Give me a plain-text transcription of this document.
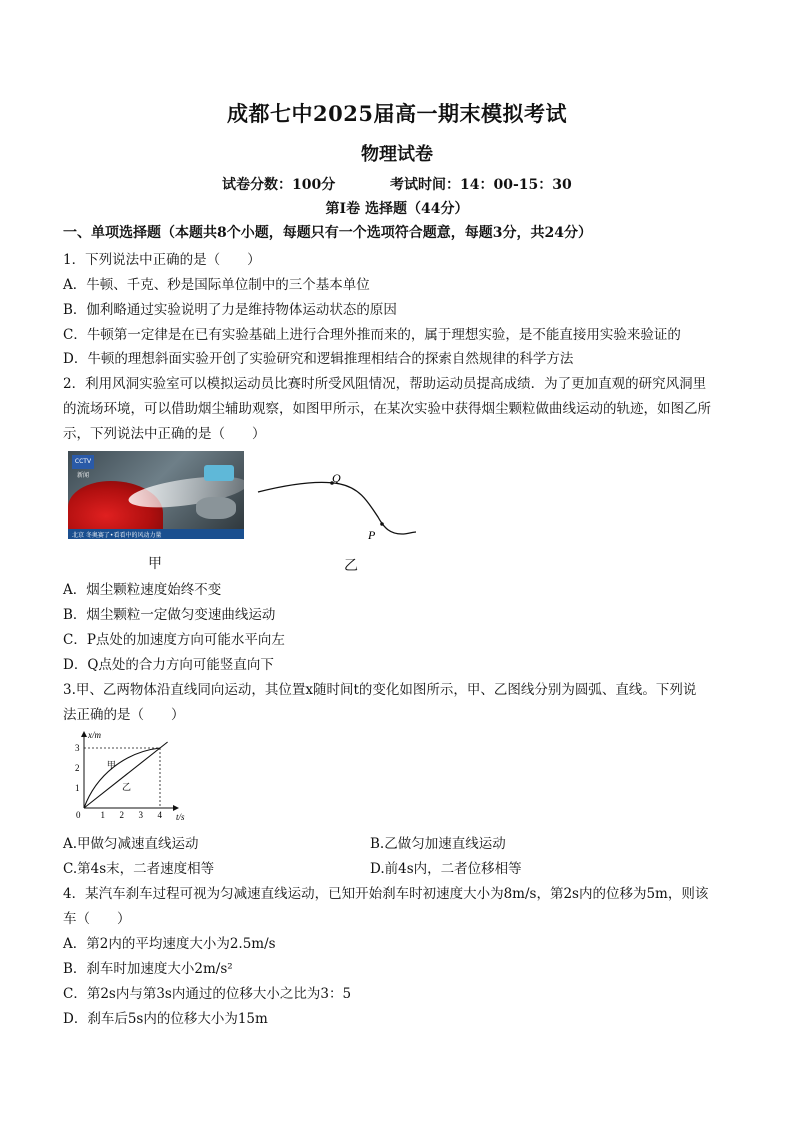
成都七中2025届高一期末模拟考试
物理试卷
试卷分数：100分	考试时间：14：00-15：30
第I卷 选择题（44分）
一、单项选择题（本题共8个小题，每题只有一个选项符合题意，每题3分，共24分）
1．下列说法中正确的是（　　）
A．牛顿、千克、秒是国际单位制中的三个基本单位
B．伽利略通过实验说明了力是维持物体运动状态的原因
C．牛顿第一定律是在已有实验基础上进行合理外推而来的，属于理想实验，是不能直接用实验来验证的
D．牛顿的理想斜面实验开创了实验研究和逻辑推理相结合的探索自然规律的科学方法
2．利用风洞实验室可以模拟运动员比赛时所受风阻情况，帮助运动员提高成绩．为了更加直观的研究风洞里
的流场环境，可以借助烟尘辅助观察，如图甲所示，在某次实验中获得烟尘颗粒做曲线运动的轨迹，如图乙所
示，下列说法中正确的是（　　）
CCTV 新闻
北京 冬奥赛了•看看中的风动力量
Q
P
甲	乙
A．烟尘颗粒速度始终不变
B．烟尘颗粒一定做匀变速曲线运动
C．P点处的加速度方向可能水平向左
D．Q点处的合力方向可能竖直向下
3.甲、乙两物体沿直线同向运动，其位置x随时间t的变化如图所示，甲、乙图线分别为圆弧、直线。下列说
法正确的是（　　）
x/m
t/s
甲
乙
0 1 2 3 4
1
2
3
A.甲做匀减速直线运动	B.乙做匀加速直线运动
C.第4s末，二者速度相等	D.前4s内，二者位移相等
4．某汽车刹车过程可视为匀减速直线运动，已知开始刹车时初速度大小为8m/s，第2s内的位移为5m，则该
车（　　）
A．第2内的平均速度大小为2.5m/s
B．刹车时加速度大小2m/s²
C．第2s内与第3s内通过的位移大小之比为3：5
D．刹车后5s内的位移大小为15m
